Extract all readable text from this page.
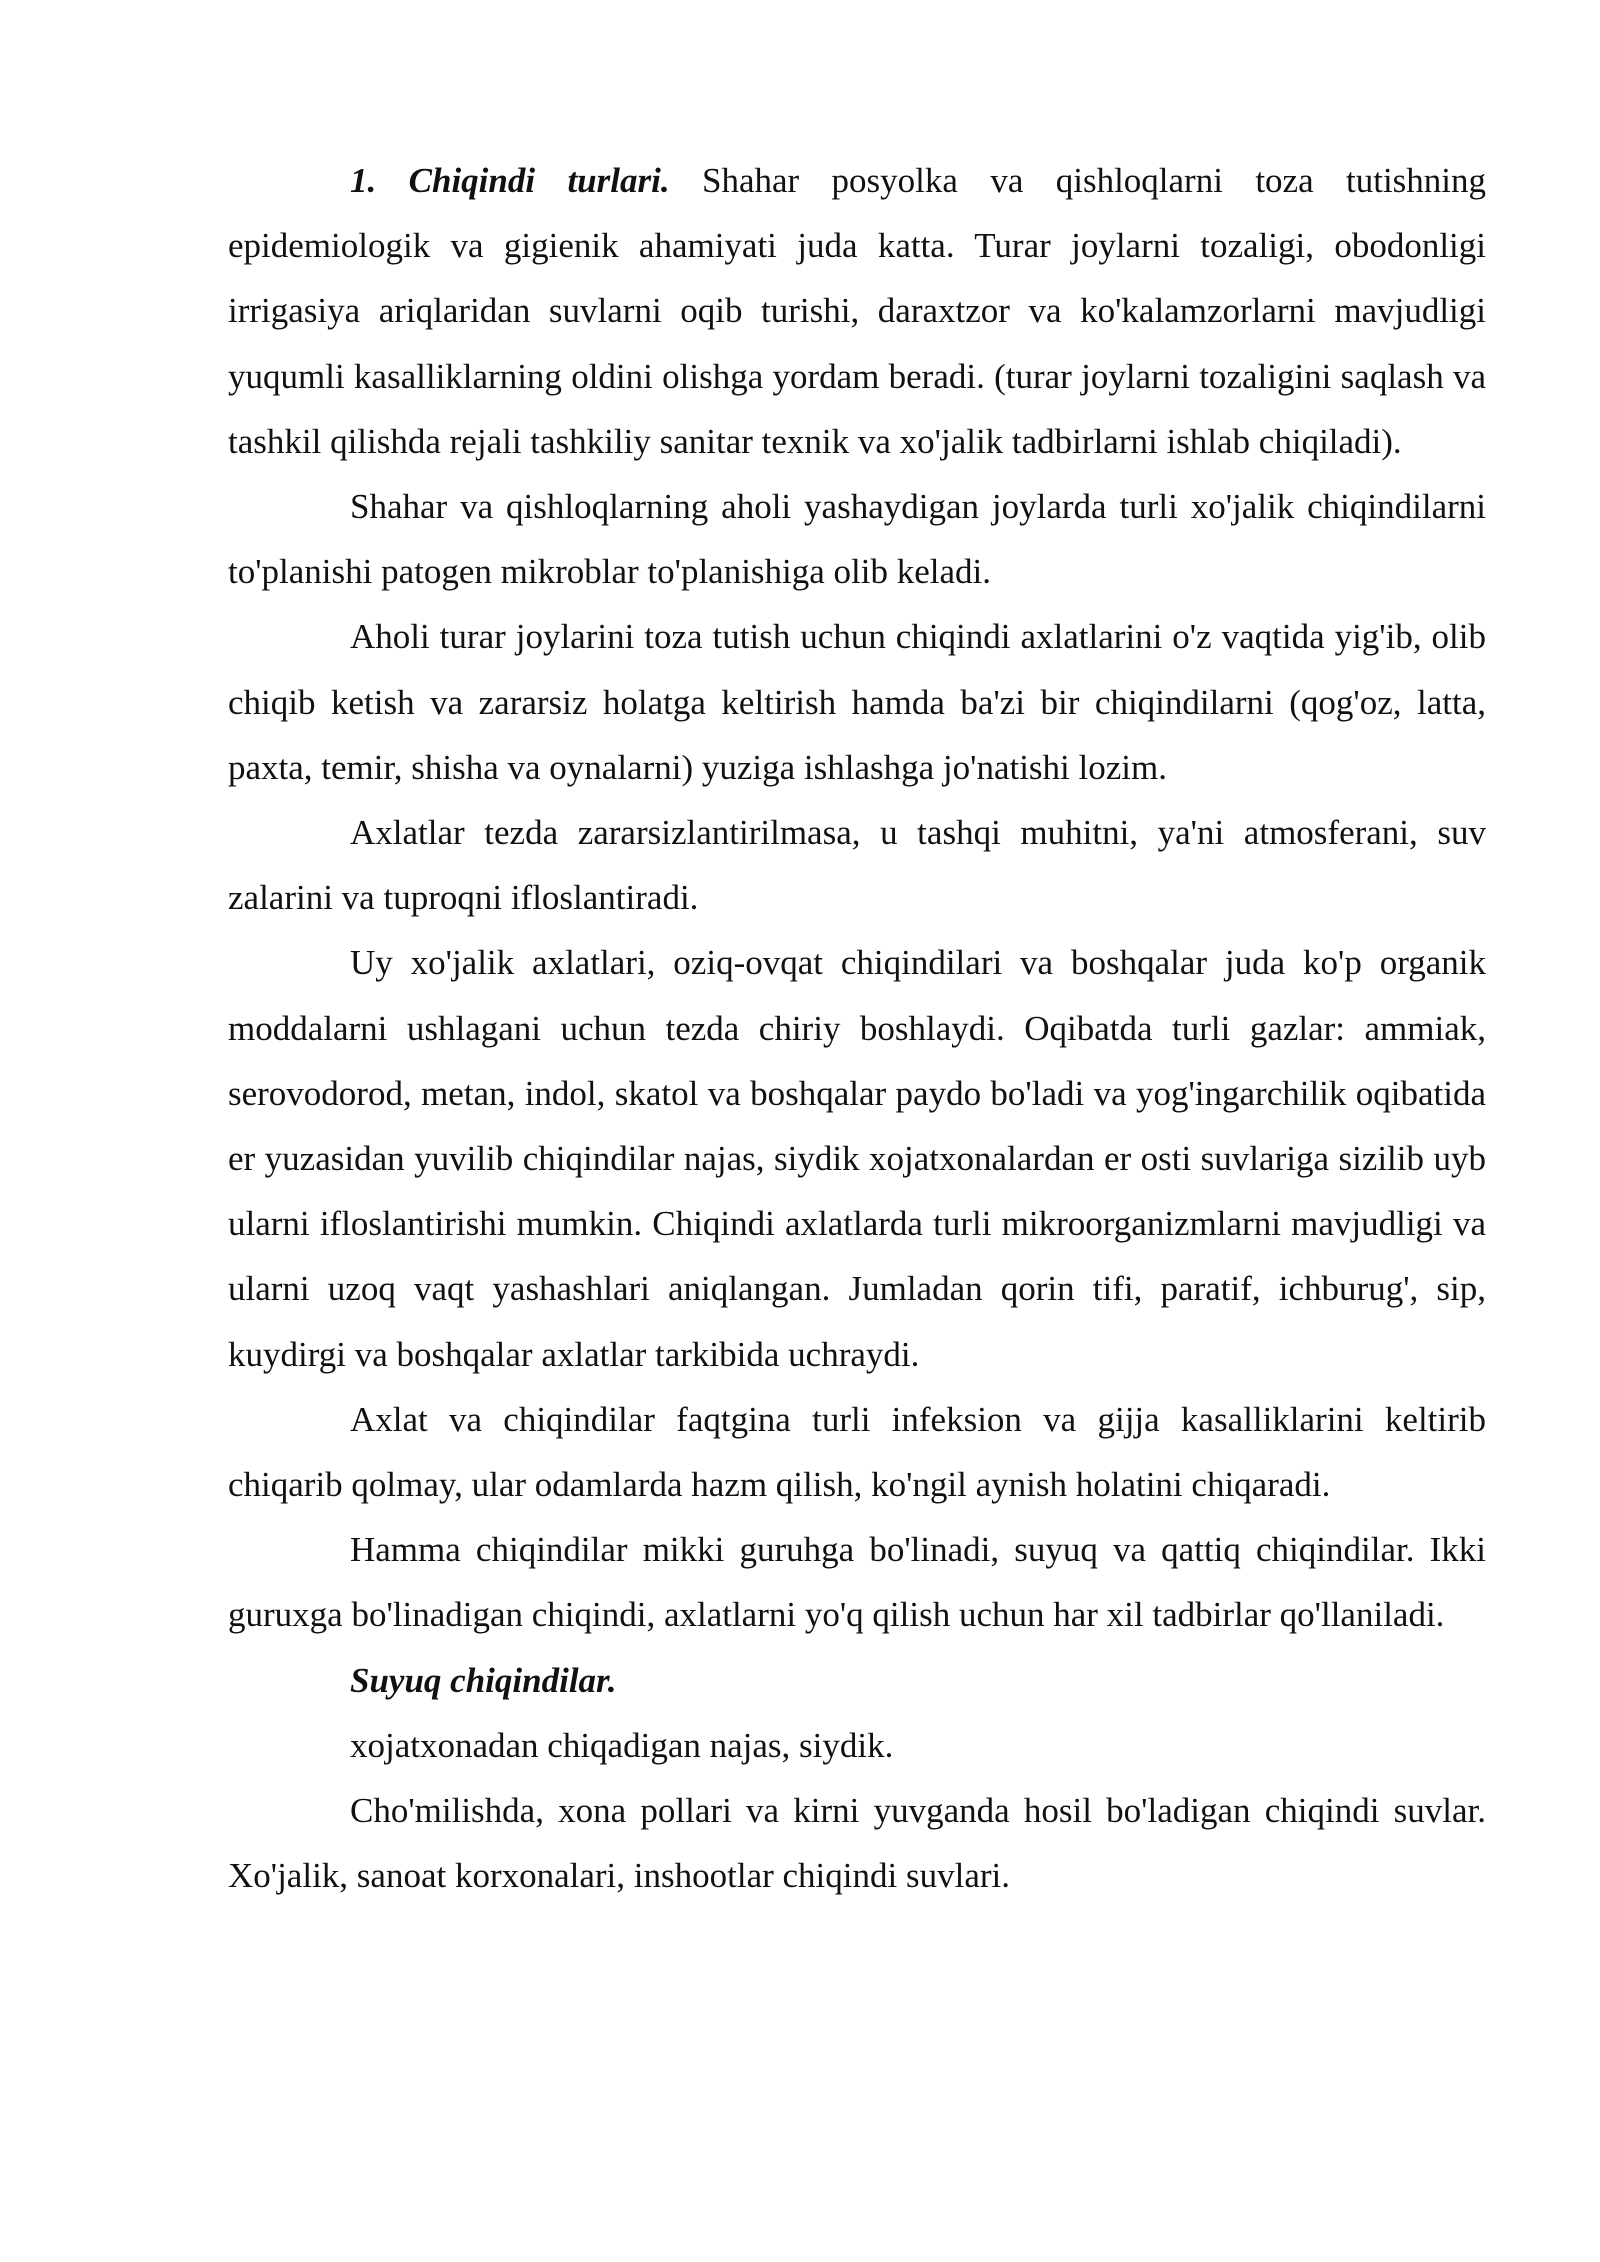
1. Chiqindi turlari. Shahar posyolka va qishloqlarni toza tutishning epidemiologik va gigienik ahamiyati juda katta. Turar joylarni tozaligi, obodonligi irrigasiya ariqlaridan suvlarni oqib turishi, daraxtzor va ko'kalamzorlarni mavjudligi yuqumli kasalliklarning oldini olishga yordam beradi. (turar joylarni tozaligini saqlash va tashkil qilishda rejali tashkiliy sanitar texnik va xo'jalik tadbirlarni ishlab chiqiladi).

Shahar va qishloqlarning aholi yashaydigan joylarda turli xo'jalik chiqindilarni to'planishi patogen mikroblar to'planishiga olib keladi.

Aholi turar joylarini toza tutish uchun chiqindi axlatlarini o'z vaqtida yig'ib, olib chiqib ketish va zararsiz holatga keltirish hamda ba'zi bir chiqindilarni (qog'oz, latta, paxta, temir, shisha va oynalarni) yuziga ishlashga jo'natishi lozim.

Axlatlar tezda zararsizlantirilmasa, u tashqi muhitni, ya'ni atmosferani, suv zalarini va tuproqni ifloslantiradi.

Uy xo'jalik axlatlari, oziq-ovqat chiqindilari va boshqalar juda ko'p organik moddalarni ushlagani uchun tezda chiriy boshlaydi. Oqibatda turli gazlar: ammiak, serovodorod, metan, indol, skatol va boshqalar paydo bo'ladi va yog'ingarchilik oqibatida er yuzasidan yuvilib chiqindilar najas, siydik xojatxonalardan er osti suvlariga sizilib uyb ularni ifloslantirishi mumkin. Chiqindi axlatlarda turli mikroorganizmlarni mavjudligi va ularni uzoq vaqt yashashlari aniqlangan. Jumladan qorin tifi, paratif, ichburug', sip, kuydirgi va boshqalar axlatlar tarkibida uchraydi.

Axlat va chiqindilar faqtgina turli infeksion va gijja kasalliklarini keltirib chiqarib qolmay, ular odamlarda hazm qilish, ko'ngil aynish holatini chiqaradi.

Hamma chiqindilar mikki guruhga bo'linadi, suyuq va qattiq chiqindilar. Ikki guruxga bo'linadigan chiqindi, axlatlarni yo'q qilish uchun har xil tadbirlar qo'llaniladi.

Suyuq chiqindilar.

xojatxonadan chiqadigan najas, siydik.

Cho'milishda, xona pollari va kirni yuvganda hosil bo'ladigan chiqindi suvlar. Xo'jalik, sanoat korxonalari, inshootlar chiqindi suvlari.
